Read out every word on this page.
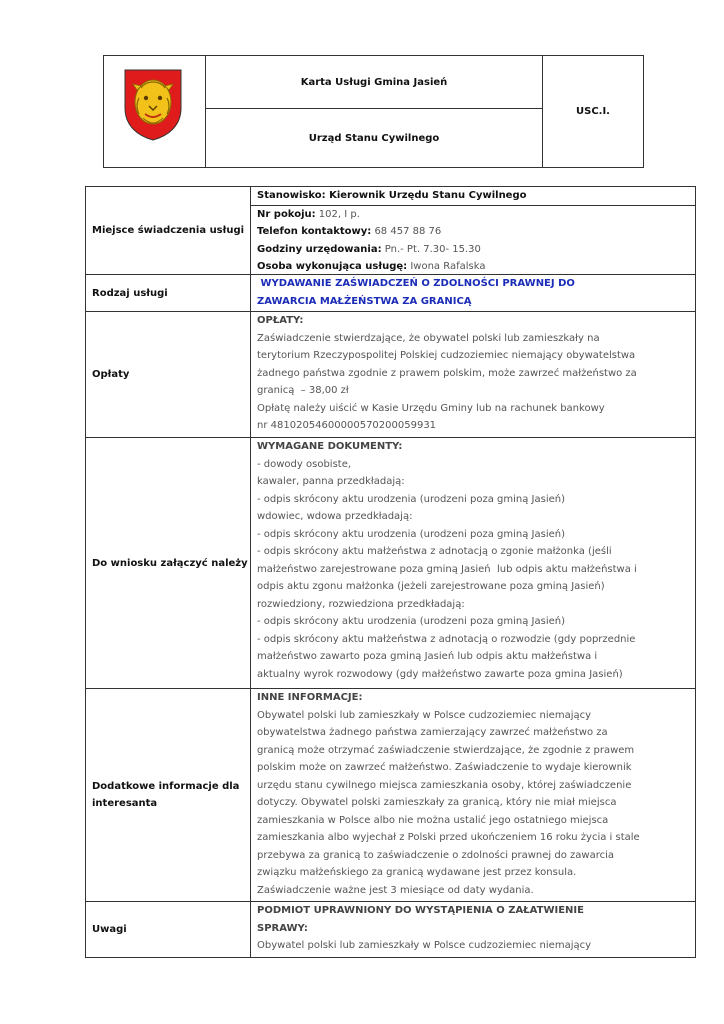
Karta Usługi Gmina Jasień
Urząd Stanu Cywilnego
USC.I.
Miejsce świadczenia usługi
Stanowisko: Kierownik Urzędu Stanu Cywilnego
Nr pokoju: 102, I p.
Telefon kontaktowy: 68 457 88 76
Godziny urzędowania: Pn.- Pt. 7.30- 15.30
Osoba wykonująca usługę: Iwona Rafalska
Rodzaj usługi
WYDAWANIE ZAŚWIADCZEŃ O ZDOLNOŚCI PRAWNEJ DO
ZAWARCIA MAŁŻEŃSTWA ZA GRANICĄ
Opłaty
OPŁATY:
Zaświadczenie stwierdzające, że obywatel polski lub zamieszkały na
terytorium Rzeczypospolitej Polskiej cudzoziemiec niemający obywatelstwa
żadnego państwa zgodnie z prawem polskim, może zawrzeć małżeństwo za
granicą  – 38,00 zł
Opłatę należy uiścić w Kasie Urzędu Gminy lub na rachunek bankowy
nr 48102054600000570200059931
Do wniosku załączyć należy
WYMAGANE DOKUMENTY:
- dowody osobiste,
kawaler, panna przedkładają:
- odpis skrócony aktu urodzenia (urodzeni poza gminą Jasień)
wdowiec, wdowa przedkładają:
- odpis skrócony aktu urodzenia (urodzeni poza gminą Jasień)
- odpis skrócony aktu małżeństwa z adnotacją o zgonie małżonka (jeśli
małżeństwo zarejestrowane poza gminą Jasień  lub odpis aktu małżeństwa i
odpis aktu zgonu małżonka (jeżeli zarejestrowane poza gminą Jasień)
rozwiedziony, rozwiedziona przedkładają:
- odpis skrócony aktu urodzenia (urodzeni poza gminą Jasień)
- odpis skrócony aktu małżeństwa z adnotacją o rozwodzie (gdy poprzednie
małżeństwo zawarto poza gminą Jasień lub odpis aktu małżeństwa i
aktualny wyrok rozwodowy (gdy małżeństwo zawarte poza gmina Jasień)
Dodatkowe informacje dla
interesanta
INNE INFORMACJE:
Obywatel polski lub zamieszkały w Polsce cudzoziemiec niemający
obywatelstwa żadnego państwa zamierzający zawrzeć małżeństwo za
granicą może otrzymać zaświadczenie stwierdzające, że zgodnie z prawem
polskim może on zawrzeć małżeństwo. Zaświadczenie to wydaje kierownik
urzędu stanu cywilnego miejsca zamieszkania osoby, której zaświadczenie
dotyczy. Obywatel polski zamieszkały za granicą, który nie miał miejsca
zamieszkania w Polsce albo nie można ustalić jego ostatniego miejsca
zamieszkania albo wyjechał z Polski przed ukończeniem 16 roku życia i stale
przebywa za granicą to zaświadczenie o zdolności prawnej do zawarcia
związku małżeńskiego za granicą wydawane jest przez konsula.
Zaświadczenie ważne jest 3 miesiące od daty wydania.
Uwagi
PODMIOT UPRAWNIONY DO WYSTĄPIENIA O ZAŁATWIENIE
SPRAWY:
Obywatel polski lub zamieszkały w Polsce cudzoziemiec niemający
